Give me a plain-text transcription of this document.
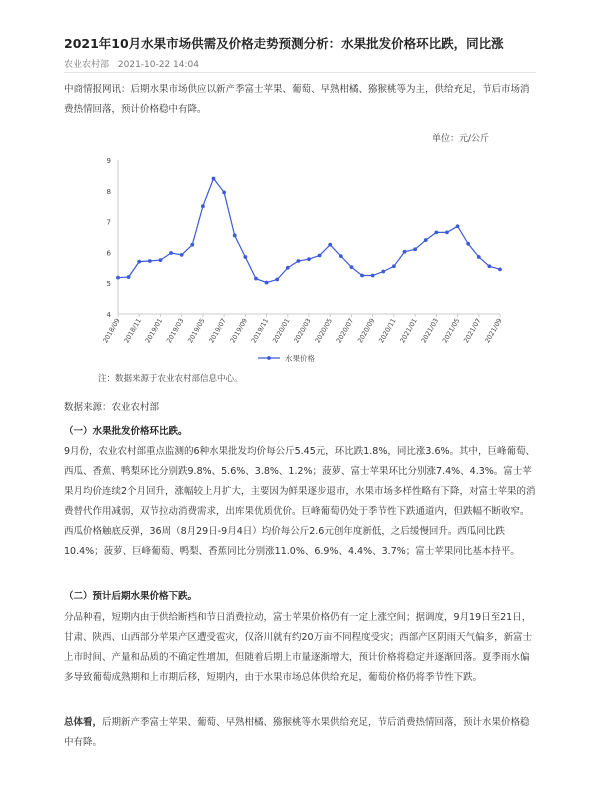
2021年10月水果市场供需及价格走势预测分析：水果批发价格环比跌，同比涨
农业农村部 2021-10-22 14:04
中商情报网讯：后期水果市场供应以新产季富士苹果、葡萄、早熟柑橘、猕猴桃等为主，供给充足，节后市场消费热情回落，预计价格稳中有降。
单位：元/公斤
4
5
6
7
8
9
2018/09 2018/11 2019/01 2019/03 2019/05 2019/07 2019/09 2019/11 2020/01 2020/03 2020/05 2020/07 2020/09 2020/11 2021/01 2021/03 2021/05 2021/07 2021/09
水果价格
注：数据来源于农业农村部信息中心。
数据来源：农业农村部
（一）水果批发价格环比跌。
9月份，农业农村部重点监测的6种水果批发均价每公斤5.45元，环比跌1.8%，同比涨3.6%。其中，巨峰葡萄、西瓜、香蕉、鸭梨环比分别跌9.8%、5.6%、3.8%、1.2%；菠萝、富士苹果环比分别涨7.4%、4.3%。富士苹果月均价连续2个月回升，涨幅较上月扩大，主要因为鲜果逐步退市，水果市场多样性略有下降，对富士苹果的消费替代作用减弱，双节拉动消费需求，出库果优质优价。巨峰葡萄仍处于季节性下跌通道内，但跌幅不断收窄。西瓜价格触底反弹，36周（8月29日-9月4日）均价每公斤2.6元创年度新低，之后缓慢回升。西瓜同比跌10.4%；菠萝、巨峰葡萄、鸭梨、香蕉同比分别涨11.0%、6.9%、4.4%、3.7%；富士苹果同比基本持平。
（二）预计后期水果价格下跌。
分品种看，短期内由于供给断档和节日消费拉动，富士苹果价格仍有一定上涨空间；据调度，9月19日至21日，甘肃、陕西、山西部分苹果产区遭受雹灾，仅洛川就有约20万亩不同程度受灾；西部产区阴雨天气偏多，新富士上市时间、产量和品质的不确定性增加，但随着后期上市量逐渐增大，预计价格将稳定并逐渐回落。夏季雨水偏多导致葡萄成熟期和上市期后移，短期内，由于水果市场总体供给充足，葡萄价格仍将季节性下跌。
总体看，后期新产季富士苹果、葡萄、早熟柑橘、猕猴桃等水果供给充足，节后消费热情回落，预计水果价格稳中有降。
